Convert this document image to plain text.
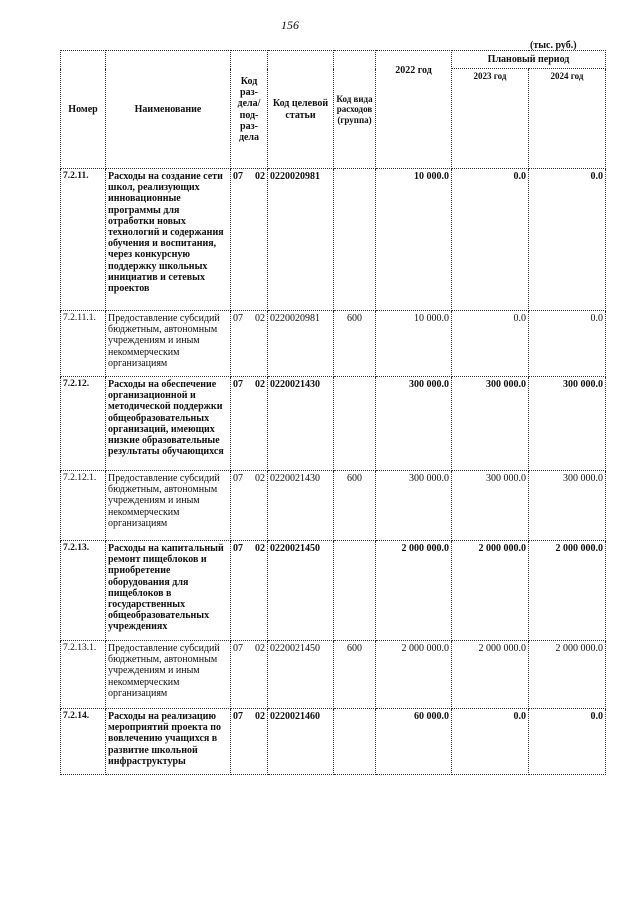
156
(тыс. руб.)
Номер	Наименование	Код раз-дела/ под-раз-дела	Код целевой статьи	Код вида расходов (группа)	2022 год	Плановый период	
						2023 год	2024 год
7.2.11.	Расходы на создание сети школ, реализующих инновационные программы для отработки новых технологий и содержания обучения и воспитания, через конкурсную поддержку школьных инициатив и сетевых проектов	07 02	0220020981		10 000.0	0.0	0.0
7.2.11.1.	Предоставление субсидий бюджетным, автономным учреждениям и иным некоммерческим организациям	07 02	0220020981	600	10 000.0	0.0	0.0
7.2.12.	Расходы на обеспечение организационной и методической поддержки общеобразовательных организаций, имеющих низкие образовательные результаты обучающихся	07 02	0220021430		300 000.0	300 000.0	300 000.0
7.2.12.1.	Предоставление субсидий бюджетным, автономным учреждениям и иным некоммерческим организациям	07 02	0220021430	600	300 000.0	300 000.0	300 000.0
7.2.13.	Расходы на капитальный ремонт пищеблоков и приобретение оборудования для пищеблоков в государственных общеобразовательных учреждениях	07 02	0220021450		2 000 000.0	2 000 000.0	2 000 000.0
7.2.13.1.	Предоставление субсидий бюджетным, автономным учреждениям и иным некоммерческим организациям	07 02	0220021450	600	2 000 000.0	2 000 000.0	2 000 000.0
7.2.14.	Расходы на реализацию мероприятий проекта по вовлечению учащихся в развитие школьной инфраструктуры	07 02	0220021460		60 000.0	0.0	0.0
